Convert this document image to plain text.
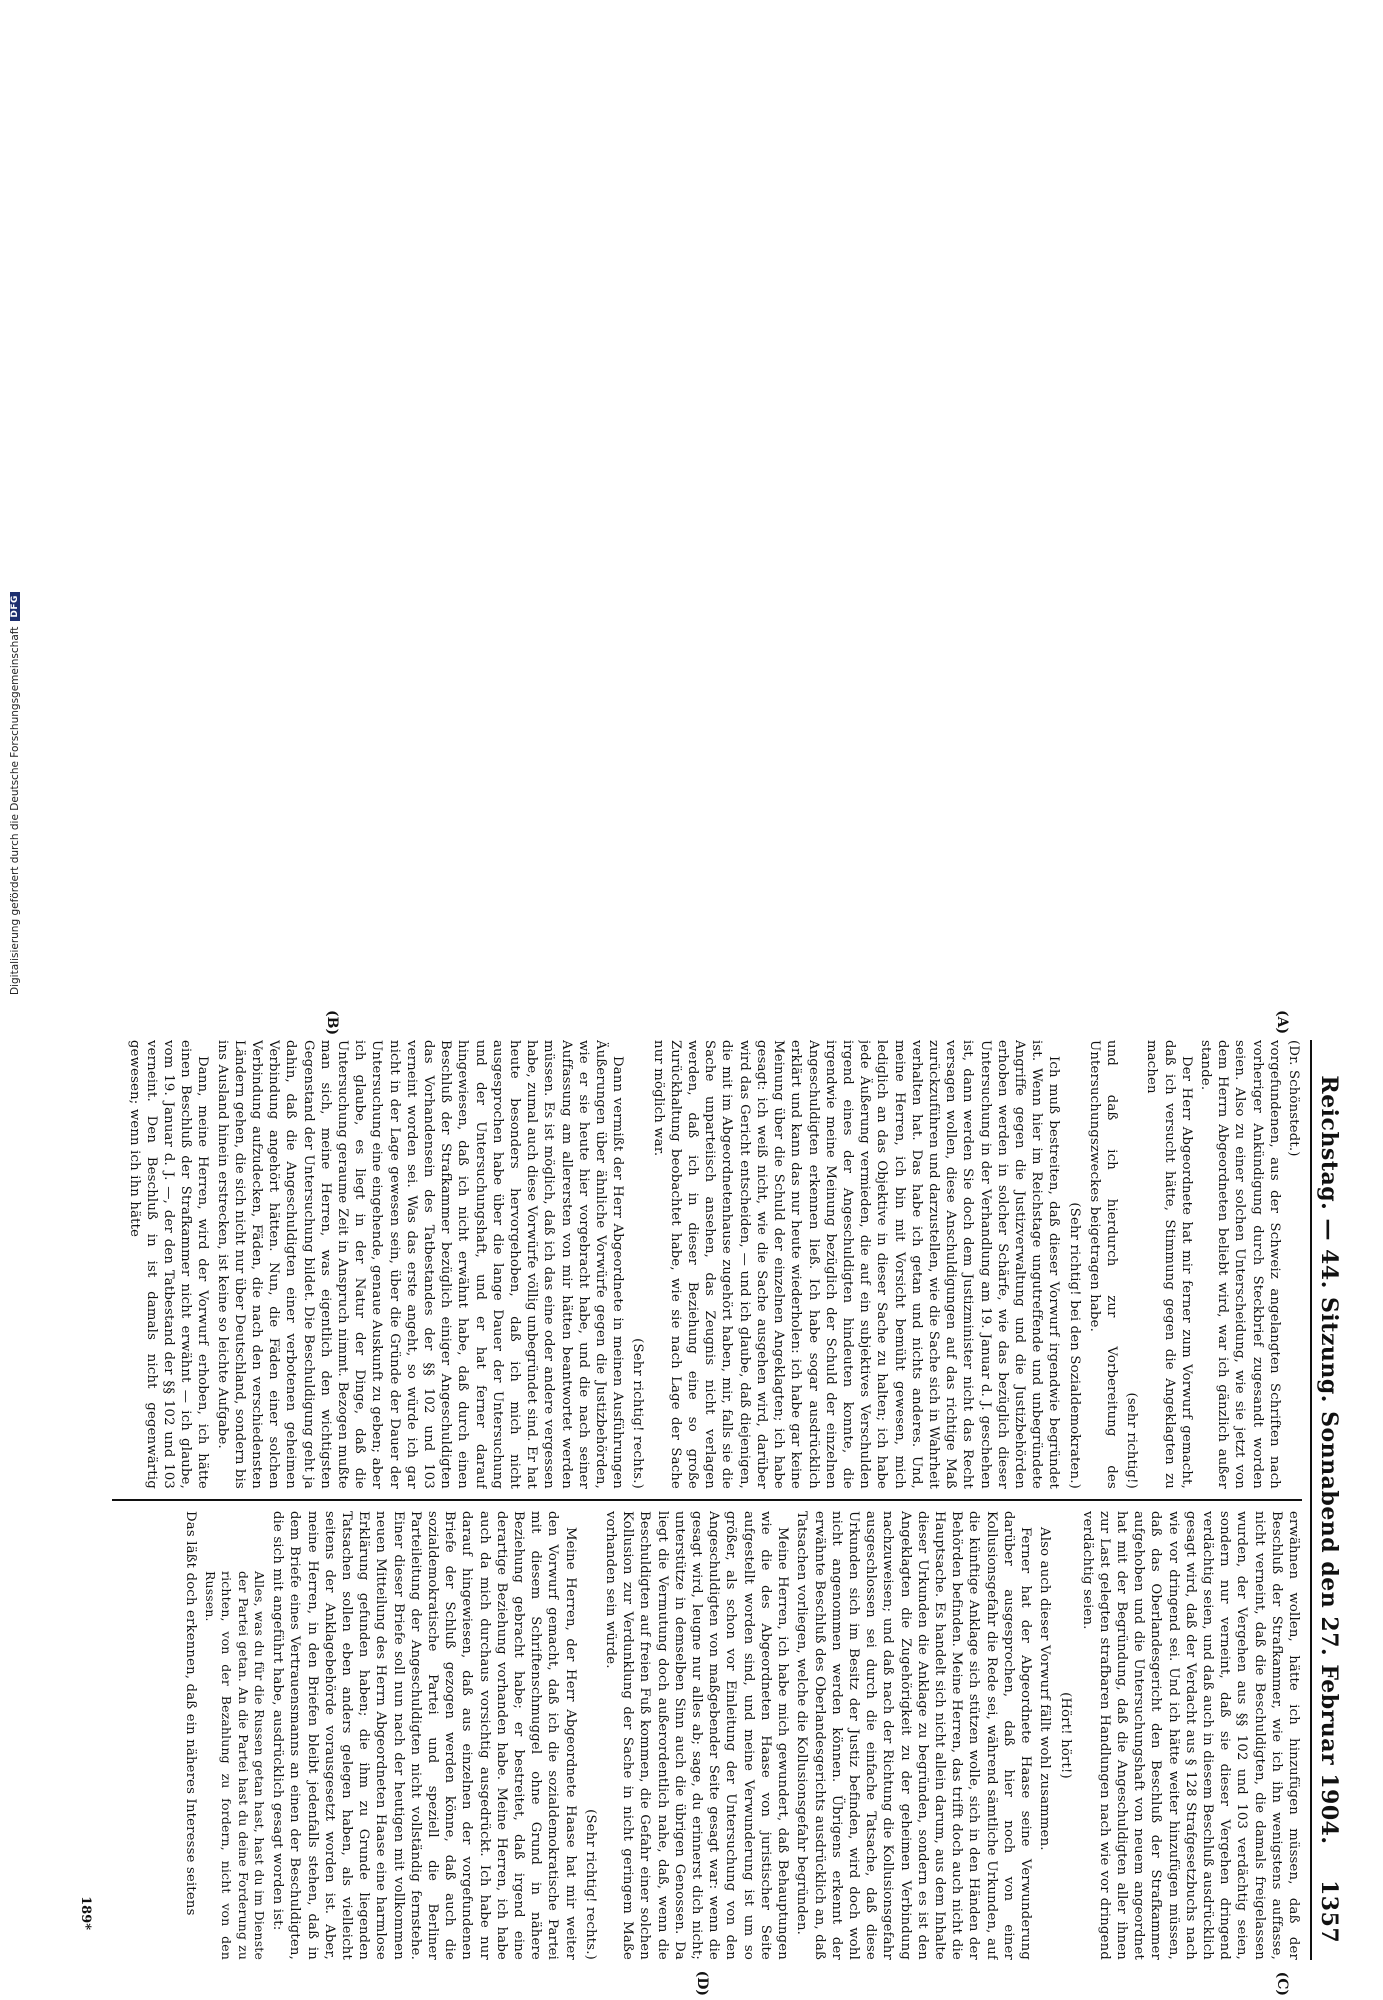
Reichstag. — 44. Sitzung. Sonnabend den 27. Februar 1904.
1357

(Dr. Schönstedt.)

vorgefundenen, aus der Schweiz angelangten Schriften nach vorheriger Ankündigung durch Steckbrief zugesandt worden seien. Also zu einer solchen Unterscheidung, wie sie jetzt von dem Herrn Abgeordneten beliebt wird, war ich gänzlich außer stande.

Der Herr Abgeordnete hat mir ferner zum Vorwurf gemacht, daß ich versucht hätte, Stimmung gegen die Angeklagten zu machen

(sehr richtig!)

und daß ich hierdurch zur Vorbereitung des Untersuchungszweckes beigetragen habe.

(Sehr richtig! bei den Sozialdemokraten.)

Ich muß bestreiten, daß dieser Vorwurf irgendwie begründet ist. Wenn hier im Reichstage ungutreffende und unbegründete Angriffe gegen die Justizverwaltung und die Justizbehörden erhoben werden in solcher Schärfe, wie das bezüglich dieser Untersuchung in der Verhandlung am 19. Januar d. J. geschehen ist, dann werden Sie doch dem Justizminister nicht das Recht versagen wollen, diese Anschuldigungen auf das richtige Maß zurückzuführen und darzustellen, wie die Sache sich in Wahrheit verhalten hat. Das habe ich getan und nichts anderes. Und, meine Herren, ich bin mit Vorsicht bemüht gewesen, mich lediglich an das Objektive in dieser Sache zu halten; ich habe jede Äußerung vermieden, die auf ein subjektives Verschulden irgend eines der Angeschuldigten hindeuten konnte, die irgendwie meine Meinung bezüglich der Schuld der einzelnen Angeschuldigten erkennen ließ. Ich habe sogar ausdrücklich erklärt und kann das nur heute wiederholen: ich habe gar keine Meinung über die Schuld der einzelnen Angeklagten; ich habe gesagt: ich weiß nicht, wie die Sache ausgehen wird, darüber wird das Gericht entscheiden, — und ich glaube, daß diejenigen, die mit im Abgeordnetenhause zugehört haben, mir, falls sie die Sache unparteiisch ansehen, das Zeugnis nicht verlagen werden, daß ich in dieser Beziehung eine so große Zurückhaltung beobachtet habe, wie sie nach Lage der Sache nur möglich war.

(Sehr richtig! rechts.)

Dann vermißt der Herr Abgeordnete in meinen Ausführungen Äußerungen über ähnliche Vorwürfe gegen die Justizbehörden, wie er sie heute hier vorgebracht habe, und die nach seiner Auffassung am allerersten von mir hätten beantwortet werden müssen. Es ist möglich, daß ich das eine oder andere vergessen habe, zumal auch diese Vorwürfe völlig unbegründet sind. Er hat heute besonders hervorgehoben, daß ich mich nicht ausgesprochen habe über die lange Dauer der Untersuchung und der Untersuchungshaft, und er hat ferner darauf hingewiesen, daß ich nicht erwähnt habe, daß durch einen Beschluß der Strafkammer bezüglich einiger Angeschuldigten das Vorhandensein des Tatbestandes der §§ 102 und 103 verneint worden sei. Was das erste angeht, so würde ich gar nicht in der Lage gewesen sein, über die Gründe der Dauer der Untersuchung eine eingehende, genaue Auskunft zu geben; aber ich glaube, es liegt in der Natur der Dinge, daß die Untersuchung geraume Zeit in Anspruch nimmt. Bezogen mußte man sich, meine Herren, was eigentlich den wichtigsten Gegenstand der Untersuchung bildet. Die Beschuldigung geht ja dahin, daß die Angeschuldigten einer verbotenen geheimen Verbindung angehört hätten. Nun, die Fäden einer solchen Verbindung aufzudecken, Fäden, die nach den verschiedensten Ländern gehen, die sich nicht nur über Deutschland, sondern bis ins Ausland hinein erstrecken, ist keine so leichte Aufgabe.

Dann, meine Herren, wird der Vorwurf erhoben, ich hätte einen Beschluß der Strafkammer nicht erwähnt — ich glaube, vom 19. Januar d. J. —, der den Tatbestand der §§ 102 und 103 verneint. Den Beschluß in ist damals nicht gegenwärtig gewesen; wenn ich ihn hätte

erwähnen wollen, hätte ich hinzufügen müssen, daß der Beschluß der Strafkammer, wie ich ihn wenigstens auffasse, nicht verneint, daß die Beschuldigten, die damals freigelassen wurden, der Vergehen aus §§ 102 und 103 verdächtig seien, sondern nur verneint, daß sie dieser Vergehen dringend verdächtig seien, und daß auch in diesem Beschluß ausdrücklich gesagt wird, daß der Verdacht aus § 128 Strafgesetzbuchs nach wie vor dringend sei. Und ich hätte weiter hinzufügen müssen, daß das Oberlandesgericht den Beschluß der Strafkammer aufgehoben und die Untersuchungshaft von neuem angeordnet hat mit der Begründung, daß die Angeschuldigten aller ihnen zur Last gelegten strafbaren Handlungen nach wie vor dringend verdächtig seien.

(Hört! hört!)

Also auch dieser Vorwurf fällt wohl zusammen.

Ferner hat der Abgeordnete Haase seine Verwunderung darüber ausgesprochen, daß hier noch von einer Kollusionsgefahr die Rede sei, während sämtliche Urkunden, auf die künftige Anklage sich stützen wolle, sich in den Händen der Behörden befinden. Meine Herren, das trifft doch auch nicht die Hauptsache. Es handelt sich nicht allein darum, aus dem Inhalte dieser Urkunden die Anklage zu begründen, sondern es ist den Angeklagten die Zugehörigkeit zu der geheimen Verbindung nachzuweisen; und daß nach der Richtung die Kollusionsgefahr ausgeschlossen sei durch die einfache Tatsache, daß diese Urkunden sich im Besitz der Justiz befinden, wird doch wohl nicht angenommen werden können. Übrigens erkennt der erwähnte Beschluß des Oberlandesgerichts ausdrücklich an, daß Tatsachen vorliegen, welche die Kollusionsgefahr begründen.

Meine Herren, ich habe mich gewundert, daß Behauptungen wie die des Abgeordneten Haase von juristischer Seite aufgestellt worden sind, und meine Verwunderung ist um so größer, als schon vor Einleitung der Untersuchung von den Angeschuldigten von maßgebender Seite gesagt war: wenn die gesagt wird, leugne nur alles ab; sage, du erinnerst dich nicht; unterstütze in demselben Sinn auch die übrigen Genossen. Da liegt die Vermutung doch außerordentlich nahe, daß, wenn die Beschuldigten auf freien Fuß kommen, die Gefahr einer solchen Kollusion zur Verdunklung der Sache in nicht geringem Maße vorhanden sein würde.

(Sehr richtig! rechts.)

Meine Herren, der Herr Abgeordnete Haase hat mir weiter den Vorwurf gemacht, daß ich die sozialdemokratische Partei mit diesem Schriftenschmuggel ohne Grund in nähere Beziehung gebracht habe; er bestreitet, daß irgend eine derartige Beziehung vorhanden habe. Meine Herren, ich habe auch da mich durchaus vorsichtig ausgedrückt. Ich habe nur darauf hingewiesen, daß aus einzelnen der vorgefundenen Briefe der Schluß gezogen werden könne, daß auch die sozialdemokratische Partei und speziell die Berliner Parteileitung der Angeschuldigten nicht vollständig fernstehe. Einer dieser Briefe soll nun nach der heutigen mit vollkommen neuen Mitteilung des Herrn Abgeordneten Haase eine harmlose Erklärung gefunden haben; die ihm zu Grunde liegenden Tatsachen sollen eben anders gelegen haben, als vielleicht seitens der Anklagebehörde vorausgesetzt worden ist. Aber, meine Herren, in den Briefen bleibt jedenfalls stehen, daß in dem Briefe eines Vertrauensmanns an einen der Beschuldigten, die sich mit angeführt habe, ausdrücklich gesagt worden ist:

Alles, was du für die Russen getan hast, hast du im Dienste der Partei getan. An die Partei hast du deine Forderung zu richten, von der Bezahlung zu fordern, nicht von den Russen.

Das läßt doch erkennen, daß ein näheres Interesse seitens

(A)
(B)
(C)
(D)
189*
Digitalisierung gefördert durch die Deutsche Forschungsgemeinschaft
DFG
